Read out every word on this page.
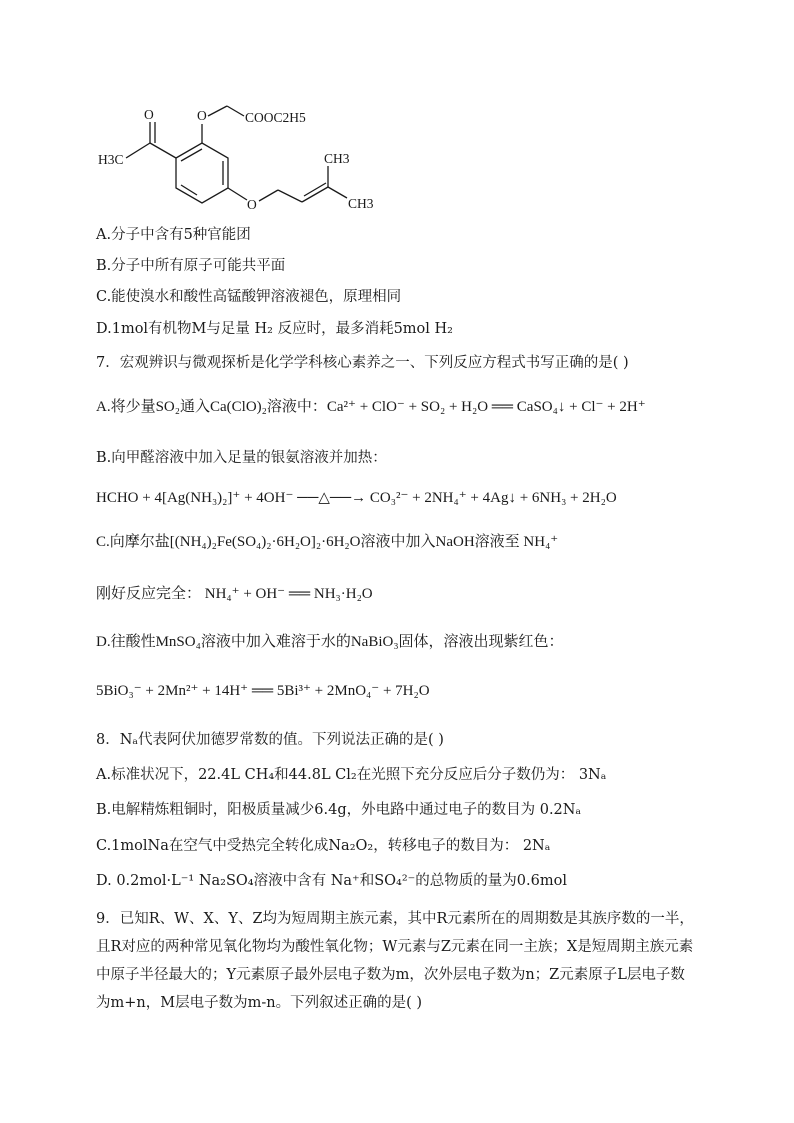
O	O	COOC2H5
H3C
O
CH3
CH3
A.分子中含有5种官能团
B.分子中所有原子可能共平面
C.能使溴水和酸性高锰酸钾溶液褪色，原理相同
D.1mol有机物M与足量 H₂ 反应时，最多消耗5mol H₂
7．宏观辨识与微观探析是化学学科核心素养之一、下列反应方程式书写正确的是( )
A.将少量SO₂通入Ca(ClO)₂溶液中：Ca²⁺ + ClO⁻ + SO₂ + H₂O ══ CaSO₄↓ + Cl⁻ + 2H⁺
B.向甲醛溶液中加入足量的银氨溶液并加热：
HCHO + 4[Ag(NH₃)₂]⁺ + 4OH⁻ ──△──→ CO₃²⁻ + 2NH₄⁺ + 4Ag↓ + 6NH₃ + 2H₂O
C.向摩尔盐[(NH₄)₂Fe(SO₄)₂·6H₂O]₂·6H₂O溶液中加入NaOH溶液至 NH₄⁺
刚好反应完全： NH₄⁺ + OH⁻ ══ NH₃·H₂O
D.往酸性MnSO₄溶液中加入难溶于水的NaBiO₃固体，溶液出现紫红色：
5BiO₃⁻ + 2Mn²⁺ + 14H⁺ ══ 5Bi³⁺ + 2MnO₄⁻ + 7H₂O
8．Nₐ代表阿伏加德罗常数的值。下列说法正确的是( )
A.标准状况下，22.4L CH₄和44.8L Cl₂在光照下充分反应后分子数仍为： 3Nₐ
B.电解精炼粗铜时，阳极质量减少6.4g，外电路中通过电子的数目为 0.2Nₐ
C.1molNa在空气中受热完全转化成Na₂O₂，转移电子的数目为： 2Nₐ
D. 0.2mol·L⁻¹ Na₂SO₄溶液中含有 Na⁺和SO₄²⁻的总物质的量为0.6mol
9．已知R、W、X、Y、Z均为短周期主族元素，其中R元素所在的周期数是其族序数的一半，且R对应的两种常见氧化物均为酸性氧化物；W元素与Z元素在同一主族；X是短周期主族元素中原子半径最大的；Y元素原子最外层电子数为m，次外层电子数为n；Z元素原子L层电子数为m+n，M层电子数为m-n。下列叙述正确的是( )
